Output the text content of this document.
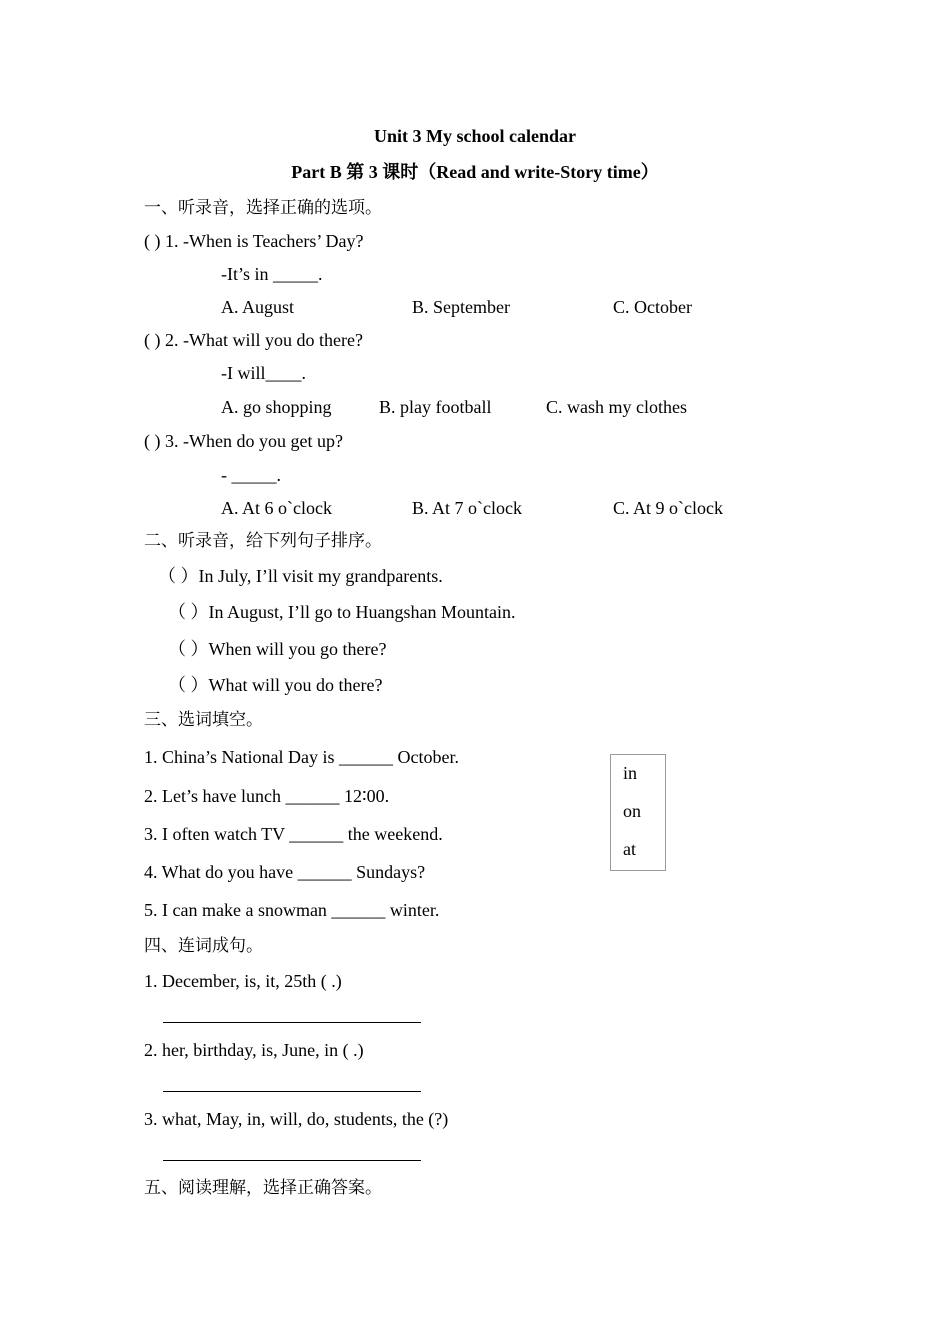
Unit 3 My school calendar
Part B 第 3 课时（Read and write-Story time）
一、听录音，选择正确的选项。
( ) 1. -When is Teachers’ Day?
-It’s in _____.
A. August	B. September	C. October
( ) 2. -What will you do there?
-I will____.
A. go shopping	B. play football	C. wash my clothes
( ) 3. -When do you get up?
- _____.
A. At 6 o`clock	B. At 7 o`clock	C. At 9 o`clock
二、听录音，给下列句子排序。
（ ）In July, I’ll visit my grandparents.
（ ）In August, I’ll go to Huangshan Mountain.
（ ）When will you go there?
（ ）What will you do there?
三、选词填空。
1. China’s National Day is ______ October.
2. Let’s have lunch ______ 12∶00.
3. I often watch TV ______ the weekend.
4. What do you have ______ Sundays?
5. I can make a snowman ______ winter.
in
on
at
四、连词成句。
1. December, is, it, 25th ( .)
2. her, birthday, is, June, in ( .)
3. what, May, in, will, do, students, the (?)
五、阅读理解，选择正确答案。
